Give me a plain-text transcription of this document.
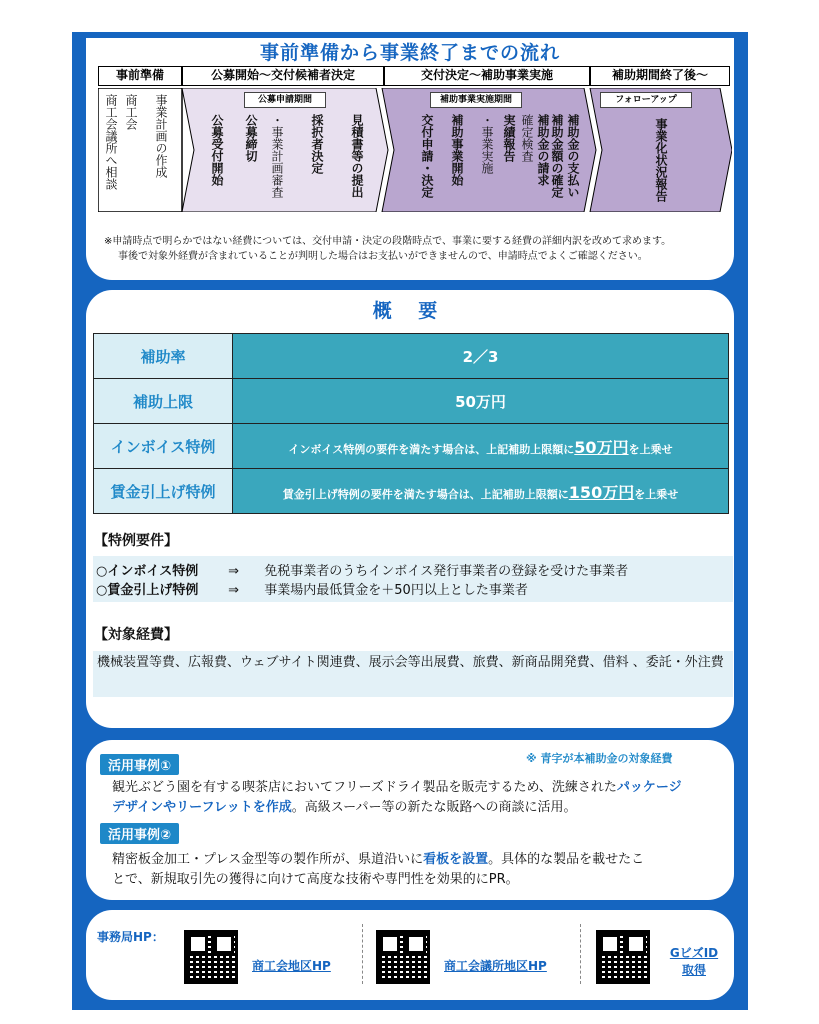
事前準備から事業終了までの流れ
事前準備	公募開始～交付候補者決定	交付決定～補助事業実施	補助期間終了後～
公募申請期間	補助事業実施期間	フォローアップ
事業計画の作成
商工会
商工会議所へ相談	見積書等の提出
採択者決定
・事業計画審査
公募締切
公募受付開始	補助金の支払い
補助金額の確定
補助金の請求
確定検査
実績報告
・事業実施
補助事業開始
交付申請・決定	事業化状況報告
※申請時点で明らかではない経費については、交付申請・決定の段階時点で、事業に要する経費の詳細内訳を改めて求めます。
事後で対象外経費が含まれていることが判明した場合はお支払いができませんので、申請時点でよくご確認ください。
概 要
補助率	2／3
補助上限	50万円
インボイス特例	インボイス特例の要件を満たす場合は、上記補助上限額に50万円を上乗せ
賃金引上げ特例	賃金引上げ特例の要件を満たす場合は、上記補助上限額に150万円を上乗せ
【特例要件】
○インボイス特例 ⇒ 免税事業者のうちインボイス発行事業者の登録を受けた事業者
○賃金引上げ特例 ⇒ 事業場内最低賃金を＋50円以上とした事業者
【対象経費】
機械装置等費、広報費、ウェブサイト関連費、展示会等出展費、旅費、新商品開発費、借料 、委託・外注費
活用事例①
※ 青字が本補助金の対象経費
観光ぶどう園を有する喫茶店においてフリーズドライ製品を販売するため、洗練されたパッケージ
デザインやリーフレットを作成。高級スーパー等の新たな販路への商談に活用。
活用事例②
精密板金加工・プレス金型等の製作所が、県道沿いに看板を設置。具体的な製品を載せたこ
とで、新規取引先の獲得に向けて高度な技術や専門性を効果的にPR。
事務局HP：
商工会地区HP	商工会議所地区HP
GビズID
取得
